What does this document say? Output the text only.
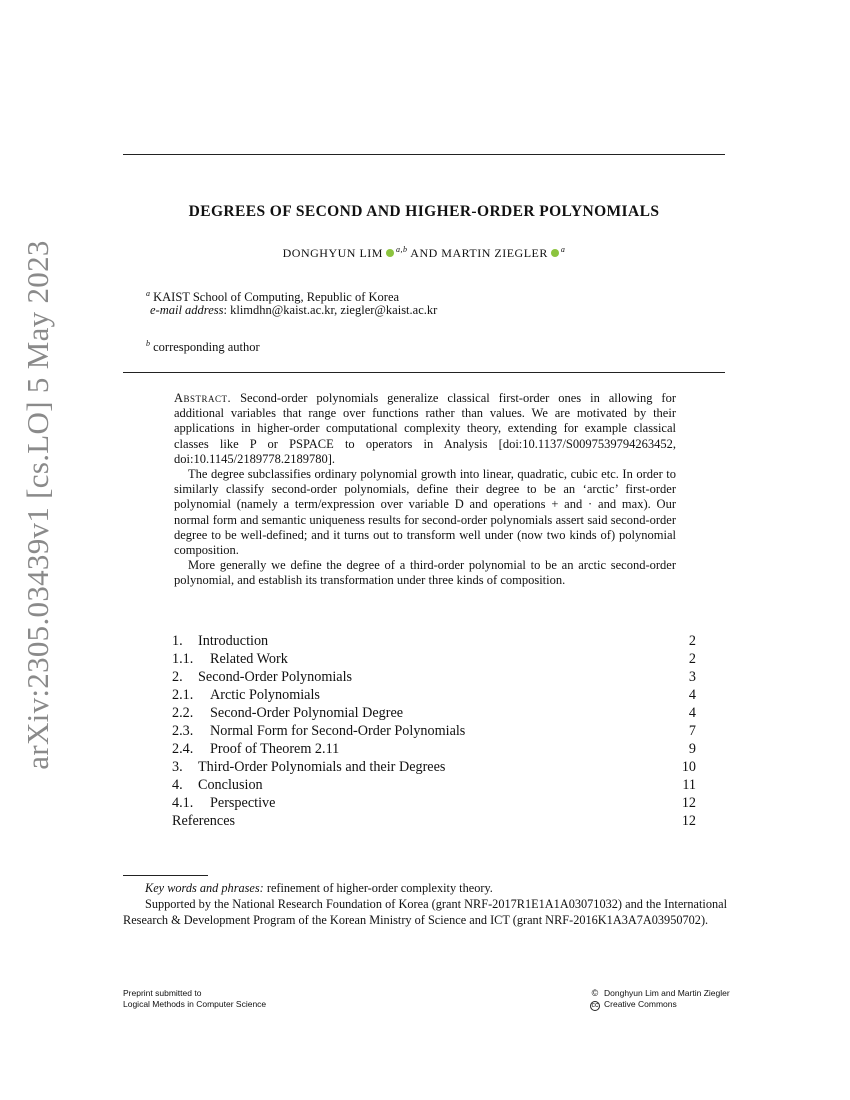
arXiv:2305.03439v1 [cs.LO] 5 May 2023
DEGREES OF SECOND AND HIGHER-ORDER POLYNOMIALS
DONGHYUN LIM $^{a,b}$ AND MARTIN ZIEGLER $^a$
$^a$ KAIST School of Computing, Republic of Korea
e-mail address: klimdhn@kaist.ac.kr, ziegler@kaist.ac.kr
$^b$ corresponding author

Abstract. Second-order polynomials generalize classical first-order ones in allowing for additional variables that range over functions rather than values. We are motivated by their applications in higher-order computational complexity theory, extending for example classical classes like P or PSPACE to operators in Analysis [doi:10.1137/S0097539794263452, doi:10.1145/2189778.2189780].

The degree subclassifies ordinary polynomial growth into linear, quadratic, cubic etc. In order to similarly classify second-order polynomials, define their degree to be an ‘arctic’ first-order polynomial (namely a term/expression over variable D and operations + and · and max). Our normal form and semantic uniqueness results for second-order polynomials assert said second-order degree to be well-defined; and it turns out to transform well under (now two kinds of) polynomial composition.

More generally we define the degree of a third-order polynomial to be an arctic second-order polynomial, and establish its transformation under three kinds of composition.

1. Introduction	2
1.1. Related Work	2
2. Second-Order Polynomials	3
2.1. Arctic Polynomials	4
2.2. Second-Order Polynomial Degree	4
2.3. Normal Form for Second-Order Polynomials	7
2.4. Proof of Theorem 2.11	9
3. Third-Order Polynomials and their Degrees	10
4. Conclusion	11
4.1. Perspective	12
References	12

Key words and phrases: refinement of higher-order complexity theory.

Supported by the National Research Foundation of Korea (grant NRF-2017R1E1A1A03071032) and the International Research & Development Program of the Korean Ministry of Science and ICT (grant NRF-2016K1A3A7A03950702).

Preprint submitted to
Logical Methods in Computer Science
© Donghyun Lim and Martin Ziegler
cc Creative Commons
